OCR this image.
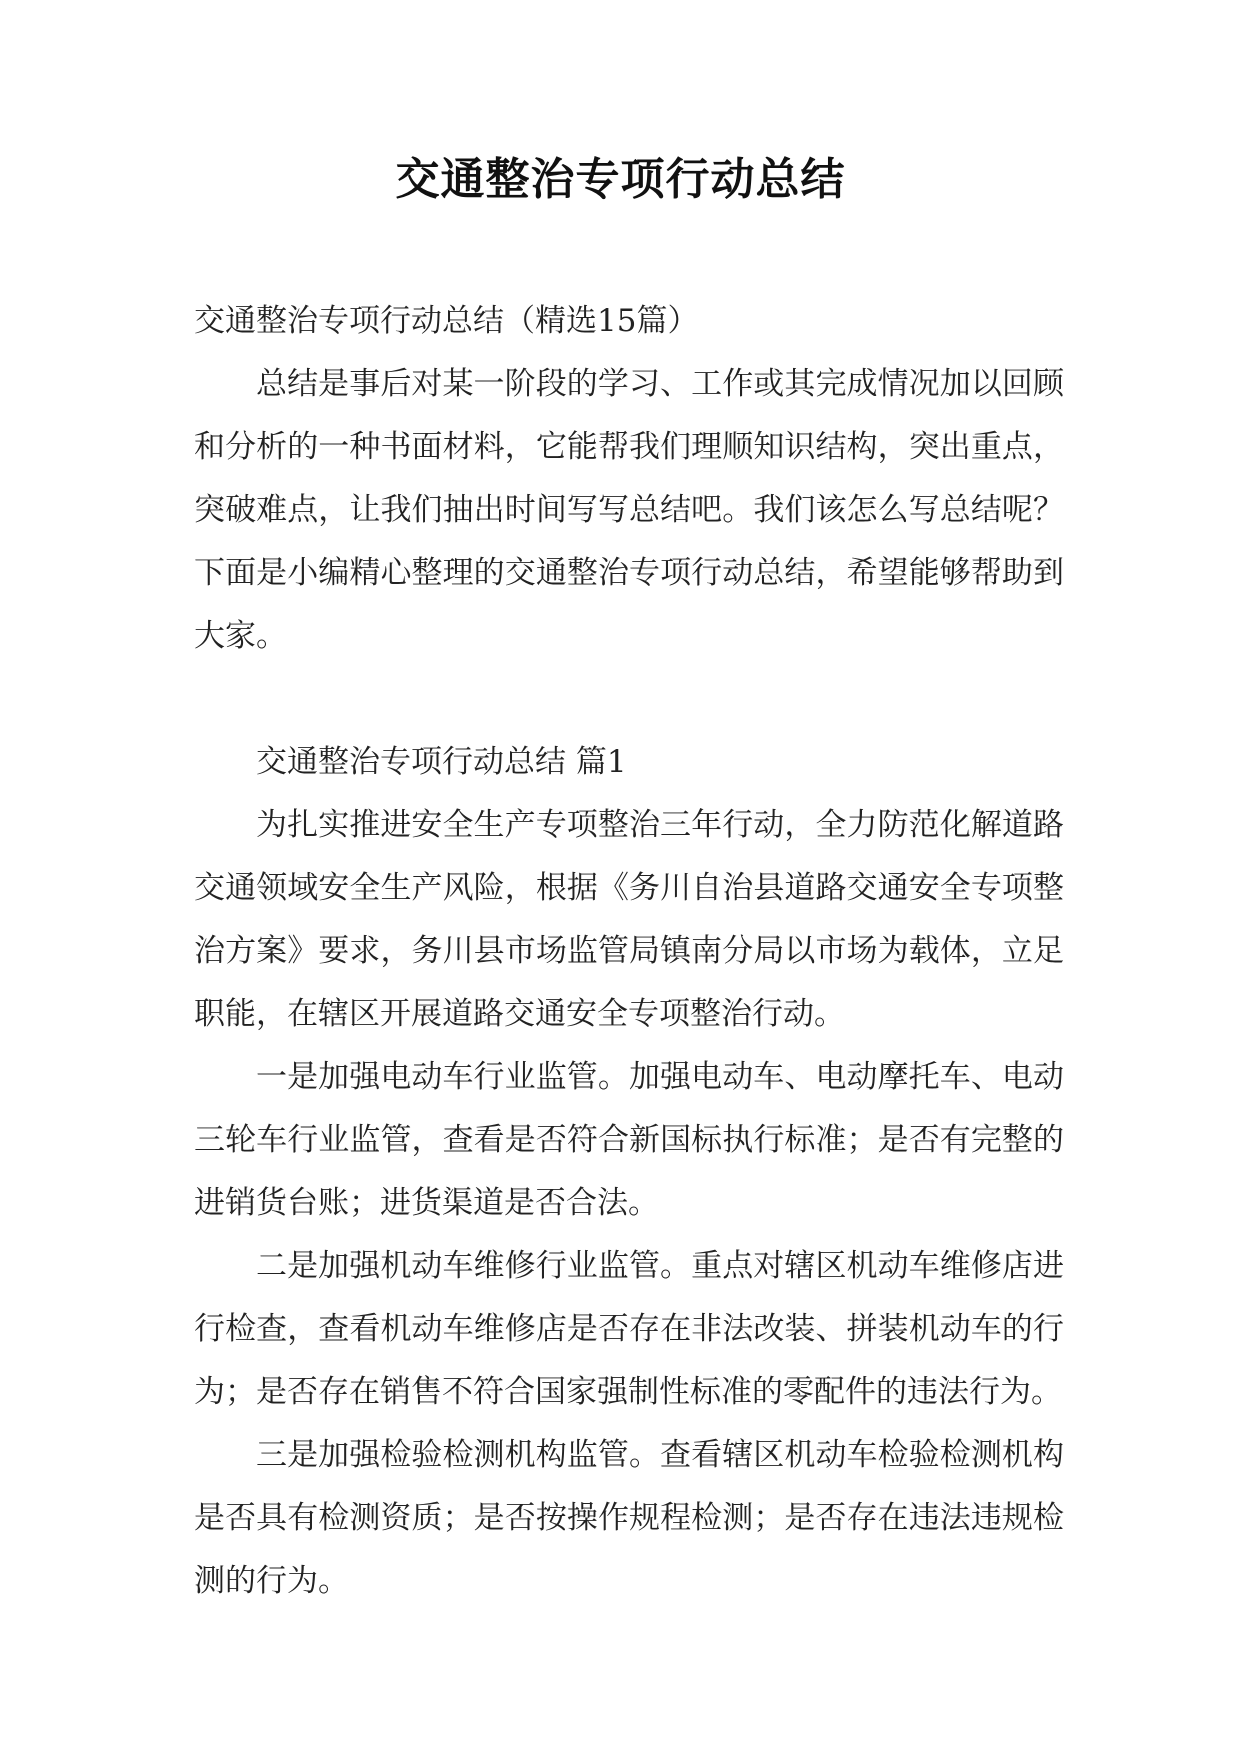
交通整治专项行动总结

交通整治专项行动总结（精选15篇）

总结是事后对某一阶段的学习、工作或其完成情况加以回顾和分析的一种书面材料，它能帮我们理顺知识结构，突出重点，突破难点，让我们抽出时间写写总结吧。我们该怎么写总结呢？下面是小编精心整理的交通整治专项行动总结，希望能够帮助到大家。

交通整治专项行动总结 篇1

为扎实推进安全生产专项整治三年行动，全力防范化解道路交通领域安全生产风险，根据《务川自治县道路交通安全专项整治方案》要求，务川县市场监管局镇南分局以市场为载体，立足职能，在辖区开展道路交通安全专项整治行动。

一是加强电动车行业监管。加强电动车、电动摩托车、电动三轮车行业监管，查看是否符合新国标执行标准；是否有完整的进销货台账；进货渠道是否合法。

二是加强机动车维修行业监管。重点对辖区机动车维修店进行检查，查看机动车维修店是否存在非法改装、拼装机动车的行为；是否存在销售不符合国家强制性标准的零配件的违法行为。

三是加强检验检测机构监管。查看辖区机动车检验检测机构是否具有检测资质；是否按操作规程检测；是否存在违法违规检测的行为。
